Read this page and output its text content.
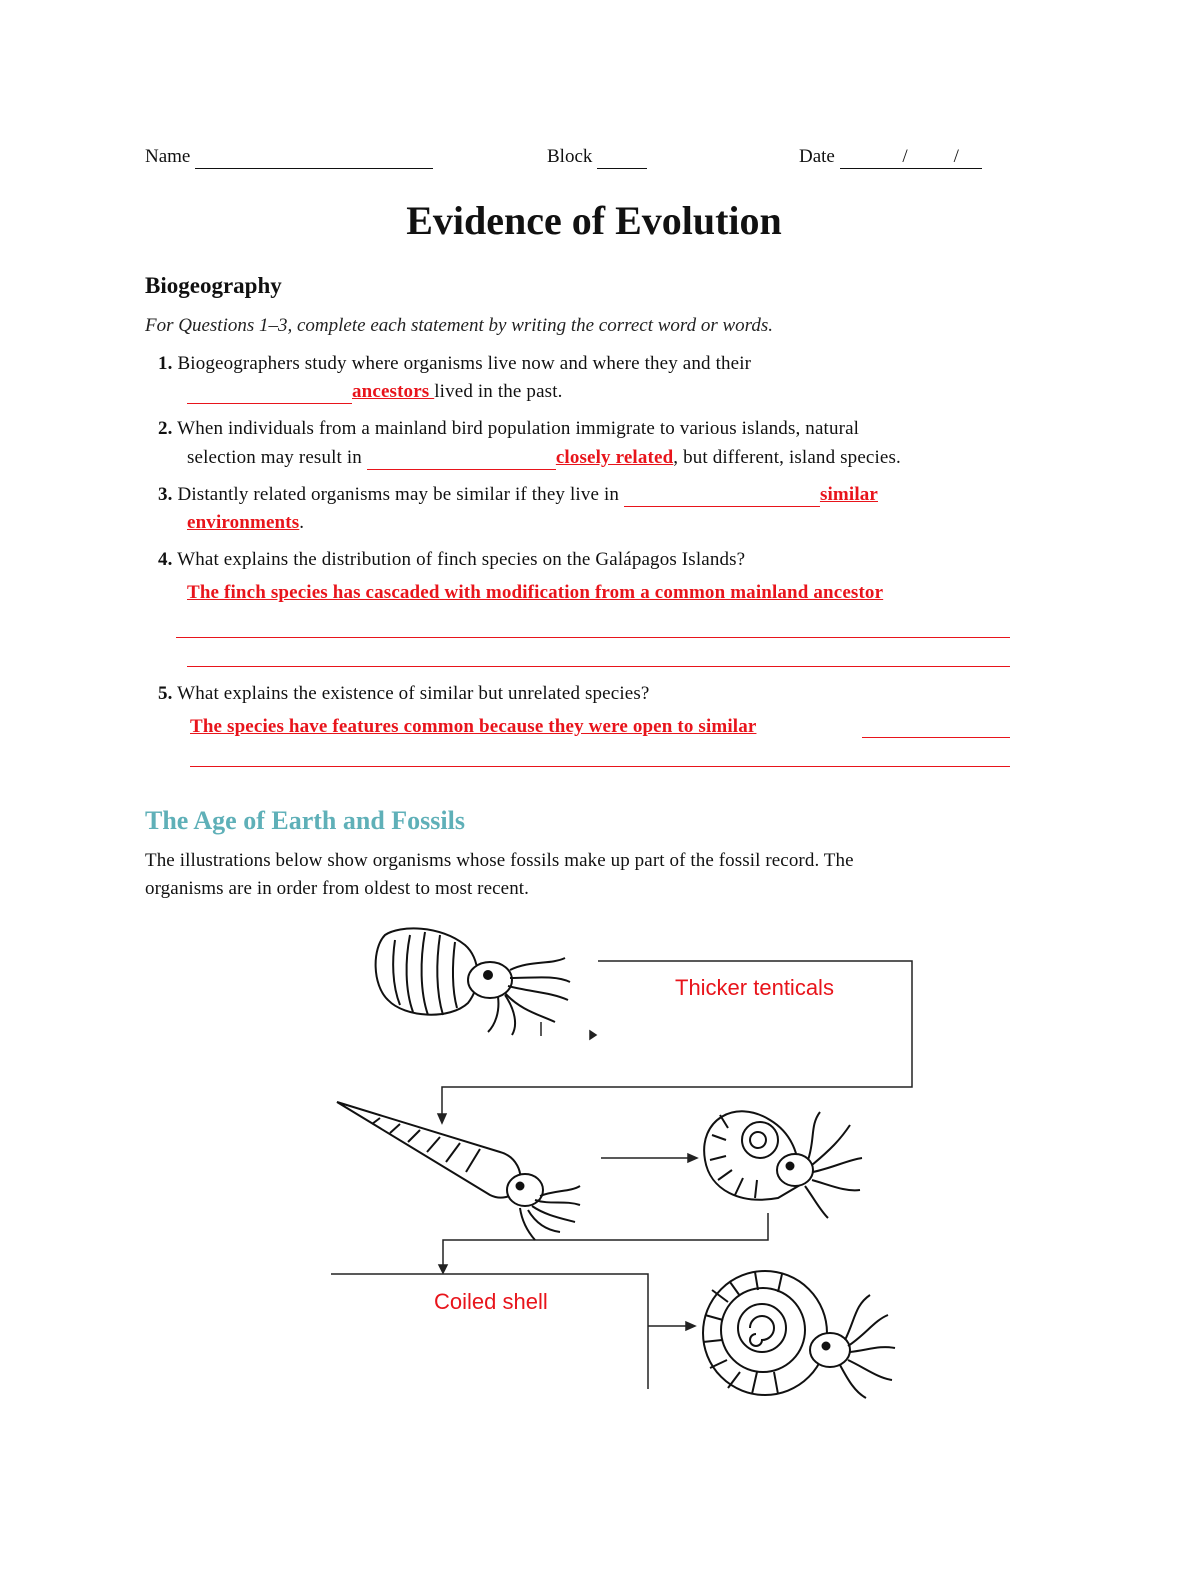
Name	Block	Date	/ /
Evidence of Evolution
Biogeography
For Questions 1–3, complete each statement by writing the correct word or words.
1. Biogeographers study where organisms live now and where they and their
ancestors lived in the past.
2. When individuals from a mainland bird population immigrate to various islands, natural
selection may result in	closely related, but different, island species.
3. Distantly related organisms may be similar if they live in	similar
environments.
4. What explains the distribution of finch species on the Galápagos Islands?
The finch species has cascaded with modification from a common mainland ancestor
5. What explains the existence of similar but unrelated species?
The species have features common because they were open to similar
The Age of Earth and Fossils
The illustrations below show organisms whose fossils make up part of the fossil record. The
organisms are in order from oldest to most recent.
Thicker tenticals
Coiled shell
